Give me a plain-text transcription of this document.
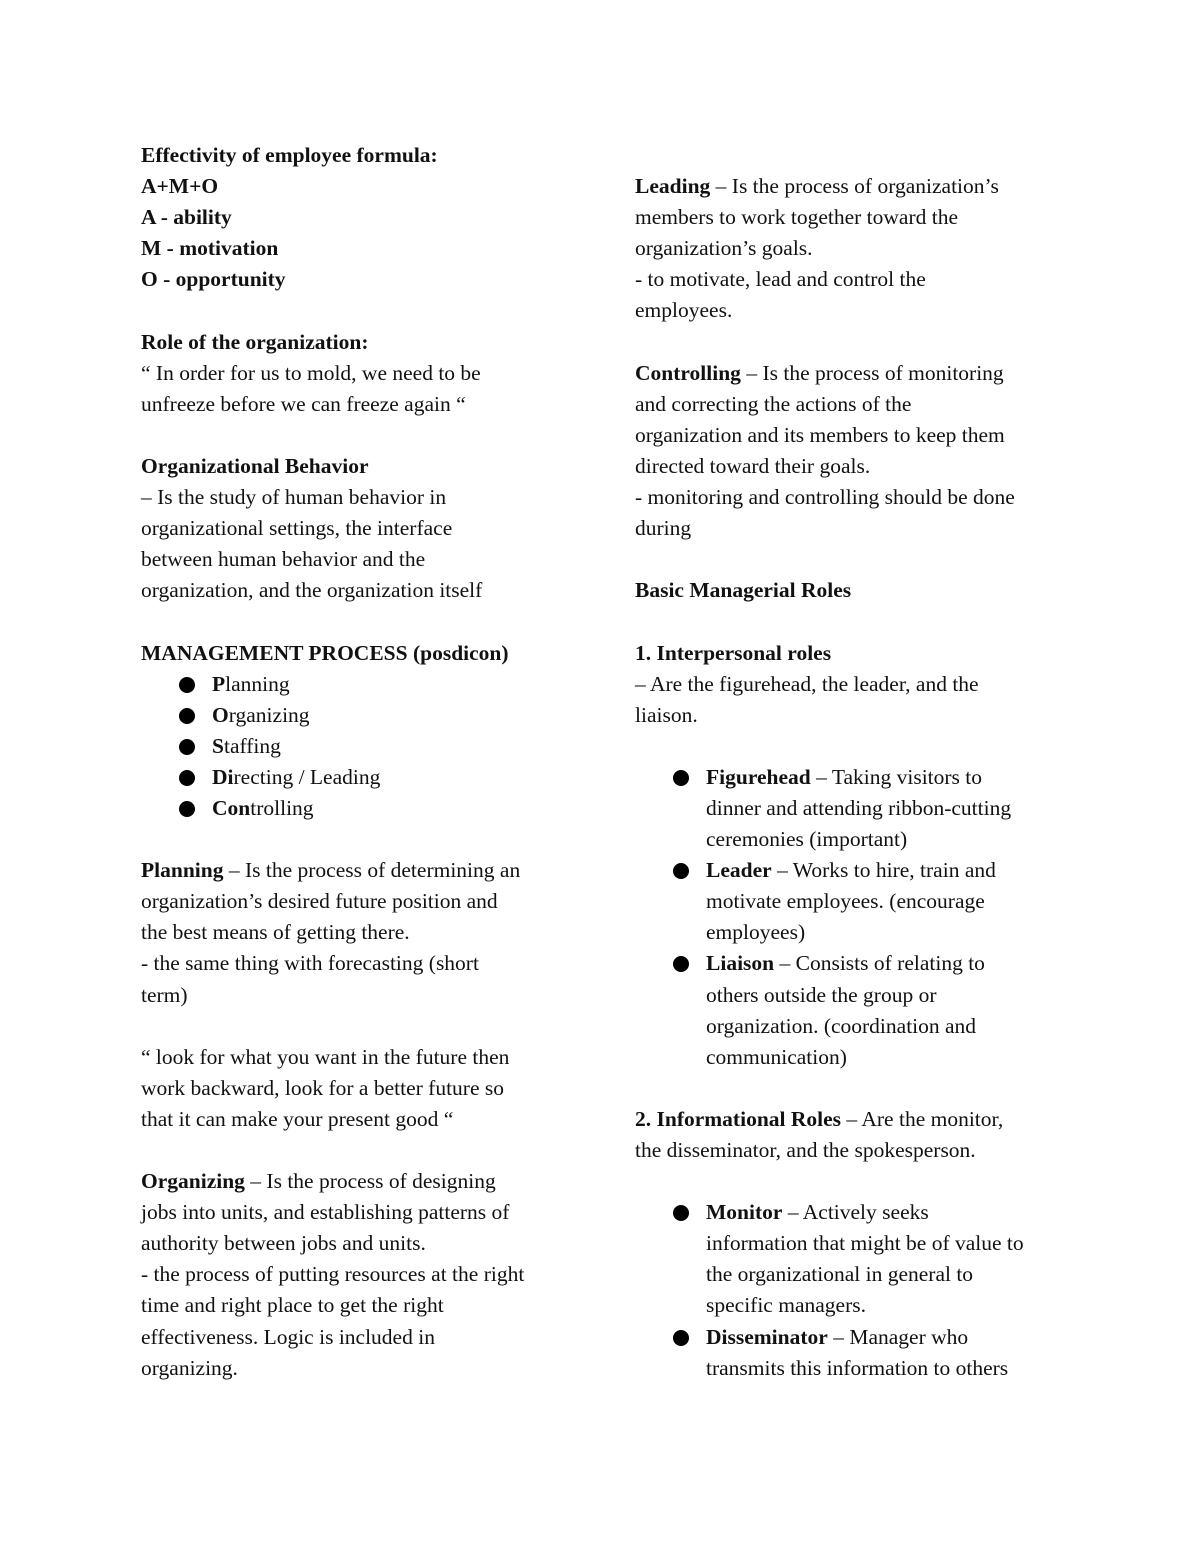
Effectivity of employee formula:
A+M+O
A - ability
M - motivation
O - opportunity
Role of the organization:
“ In order for us to mold, we need to be
unfreeze before we can freeze again “
Organizational Behavior
– Is the study of human behavior in
organizational settings, the interface
between human behavior and the
organization, and the organization itself
MANAGEMENT PROCESS (posdicon)
Planning
Organizing
Staffing
Directing / Leading
Controlling
Planning – Is the process of determining an
organization’s desired future position and
the best means of getting there.
- the same thing with forecasting (short
term)
“ look for what you want in the future then
work backward, look for a better future so
that it can make your present good “
Organizing – Is the process of designing
jobs into units, and establishing patterns of
authority between jobs and units.
- the process of putting resources at the right
time and right place to get the right
effectiveness. Logic is included in
organizing.
Leading – Is the process of organization’s
members to work together toward the
organization’s goals.
- to motivate, lead and control the
employees.
Controlling – Is the process of monitoring
and correcting the actions of the
organization and its members to keep them
directed toward their goals.
- monitoring and controlling should be done
during
Basic Managerial Roles
1. Interpersonal roles
– Are the figurehead, the leader, and the
liaison.
Figurehead – Taking visitors to
dinner and attending ribbon-cutting
ceremonies (important)
Leader – Works to hire, train and
motivate employees. (encourage
employees)
Liaison – Consists of relating to
others outside the group or
organization. (coordination and
communication)
2. Informational Roles – Are the monitor,
the disseminator, and the spokesperson.
Monitor – Actively seeks
information that might be of value to
the organizational in general to
specific managers.
Disseminator – Manager who
transmits this information to others
